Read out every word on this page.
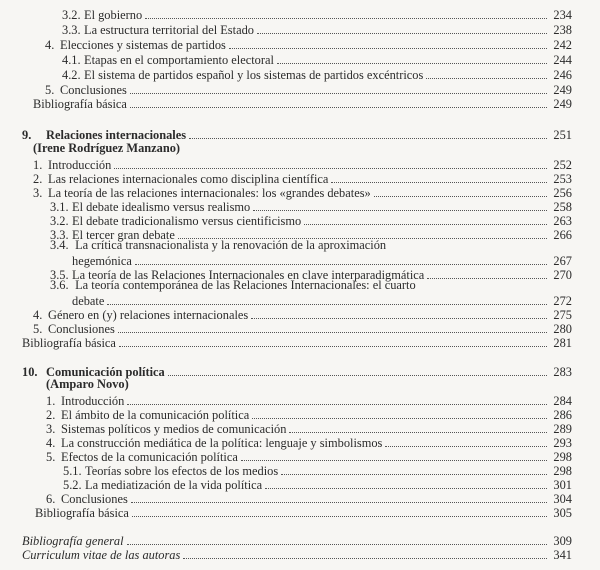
3.2. El gobierno	234
3.3. La estructura territorial del Estado	238
4. Elecciones y sistemas de partidos	242
4.1. Etapas en el comportamiento electoral	244
4.2. El sistema de partidos español y los sistemas de partidos excéntricos	246
5. Conclusiones	249
Bibliografía básica	249
9.	Relaciones internacionales	251
(Irene Rodríguez Manzano)
1. Introducción	252
2. Las relaciones internacionales como disciplina científica	253
3. La teoría de las relaciones internacionales: los «grandes debates»	256
3.1. El debate idealismo versus realismo	258
3.2. El debate tradicionalismo versus cientificismo	263
3.3. El tercer gran debate	266
3.4. La crítica transnacionalista y la renovación de la aproximación
hegemónica	267
3.5. La teoría de las Relaciones Internacionales en clave interparadigmática	270
3.6. La teoría contemporánea de las Relaciones Internacionales: el cuarto
debate	272
4. Género en (y) relaciones internacionales	275
5. Conclusiones	280
Bibliografía básica	281
10. Comunicación política	283
(Amparo Novo)
1. Introducción	284
2. El ámbito de la comunicación política	286
3. Sistemas políticos y medios de comunicación	289
4. La construcción mediática de la política: lenguaje y simbolismos	293
5. Efectos de la comunicación política	298
5.1. Teorías sobre los efectos de los medios	298
5.2. La mediatización de la vida política	301
6. Conclusiones	304
Bibliografía básica	305
Bibliografía general	309
Curriculum vitae de las autoras	341
